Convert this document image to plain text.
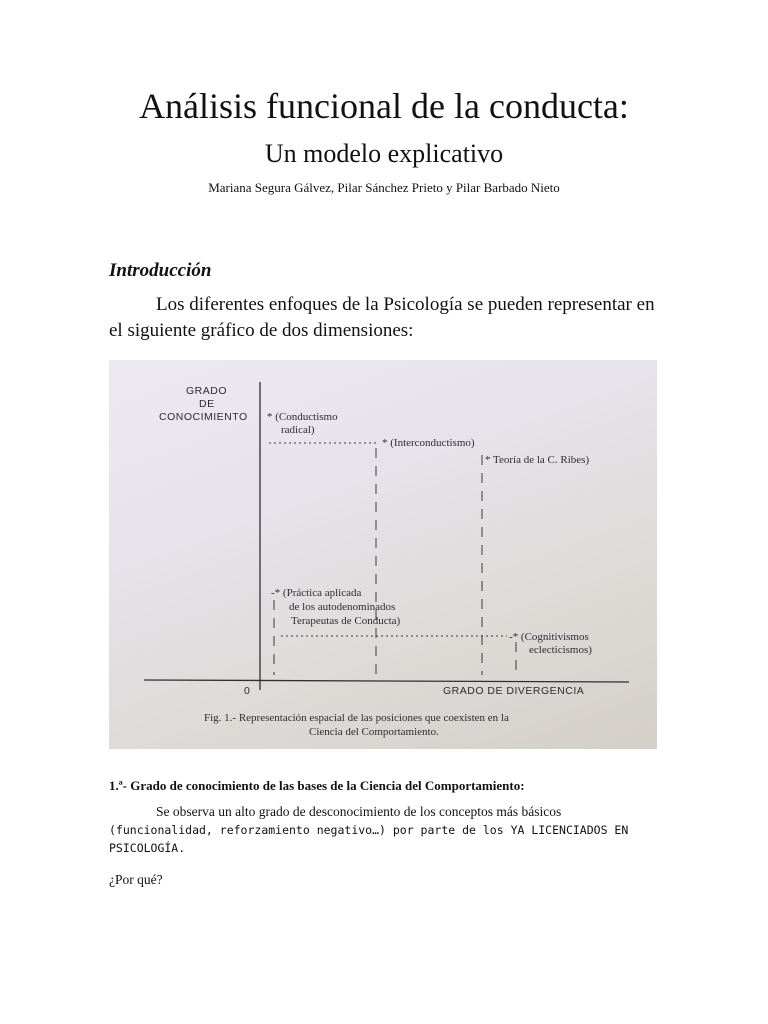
Análisis funcional de la conducta:
Un modelo explicativo
Mariana Segura Gálvez, Pilar Sánchez Prieto y Pilar Barbado Nieto
Introducción

Los diferentes enfoques de la Psicología se pueden representar en el siguiente gráfico de dos dimensiones:

GRADO
DE
CONOCIMIENTO * (Conductismo
radical)
* (Interconductismo)
* Teoría de la C. Ribes)
-* (Práctica aplicada
de los autodenominados
Terapeutas de Conducta)
-* (Cognitivismos
eclecticismos)
0	GRADO DE DIVERGENCIA
Fig. 1.- Representación espacial de las posiciones que coexisten en la
Ciencia del Comportamiento.
1.ª- Grado de conocimiento de las bases de la Ciencia del Comportamiento:

Se observa un alto grado de desconocimiento de los conceptos más básicos (funcionalidad, reforzamiento negativo…) por parte de los YA LICENCIADOS EN PSICOLOGÍA.

¿Por qué?
